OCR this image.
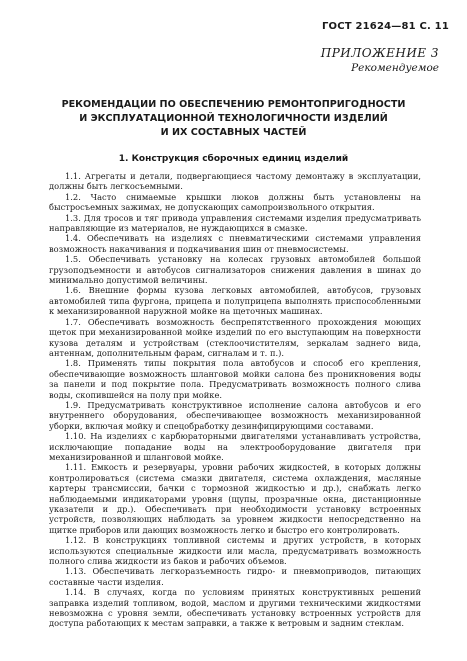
ГОСТ 21624—81 С. 11
ПРИЛОЖЕНИЕ 3
Рекомендуемое
РЕКОМЕНДАЦИИ ПО ОБЕСПЕЧЕНИЮ РЕМОНТОПРИГОДНОСТИ
И ЭКСПЛУАТАЦИОННОЙ ТЕХНОЛОГИЧНОСТИ ИЗДЕЛИЙ
И ИХ СОСТАВНЫХ ЧАСТЕЙ
1. Конструкция сборочных единиц изделий

1.1. Агрегаты и детали, подвергающиеся частому демонтажу в эксплуатации, должны быть легкосъемными.

1.2. Часто снимаемые крышки люков должны быть установлены на быстросъемных зажимах, не допускающих самопроизвольного открытия.

1.3. Для тросов и тяг привода управления системами изделия предусматривать направляющие из материалов, не нуждающихся в смазке.

1.4. Обеспечивать на изделиях с пневматическими системами управления возможность накачивания и подкачивания шин от пневмосистемы.

1.5. Обеспечивать установку на колесах грузовых автомобилей большой грузоподъемности и автобусов сигнализаторов снижения давления в шинах до минимально допустимой величины.

1.6. Внешние формы кузова легковых автомобилей, автобусов, грузовых автомобилей типа фургона, прицепа и полуприцепа выполнять приспособленными к механизированной наружной мойке на щеточных машинах.

1.7. Обеспечивать возможность беспрепятственного прохождения моющих щеток при механизированной мойке изделий по его выступающим на поверхности кузова деталям и устройствам (стеклоочистителям, зеркалам заднего вида, антеннам, дополнительным фарам, сигналам и т. п.).

1.8. Применять типы покрытия пола автобусов и способ его крепления, обеспечивающие возможность шланговой мойки салона без проникновения воды за панели и под покрытие пола. Предусматривать возможность полного слива воды, скопившейся на полу при мойке.

1.9. Предусматривать конструктивное исполнение салона автобусов и его внутреннего оборудования, обеспечивающее возможность механизированной уборки, включая мойку и спецобработку дезинфицирующими составами.

1.10. На изделиях с карбюраторными двигателями устанавливать устройства, исключающие попадание воды на электрооборудование двигателя при механизированной и шланговой мойке.

1.11. Емкость и резервуары, уровни рабочих жидкостей, в которых должны контролироваться (система смазки двигателя, система охлаждения, масляные картеры трансмиссии, бачки с тормозной жидкостью и др.), снабжать легко наблюдаемыми индикаторами уровня (щупы, прозрачные окна, дистанционные указатели и др.). Обеспечивать при необходимости установку встроенных устройств, позволяющих наблюдать за уровнем жидкости непосредственно на щитке приборов или дающих возможность легко и быстро его контролировать.

1.12. В конструкциях топливной системы и других устройств, в которых используются специальные жидкости или масла, предусматривать возможность полного слива жидкости из баков и рабочих объемов.

1.13. Обеспечивать легкоразъемность гидро- и пневмоприводов, питающих составные части изделия.

1.14. В случаях, когда по условиям принятых конструктивных решений заправка изделий топливом, водой, маслом и другими техническими жидкостями невозможна с уровня земли, обеспечивать установку встроенных устройств для доступа работающих к местам заправки, а также к ветровым и задним стеклам.
